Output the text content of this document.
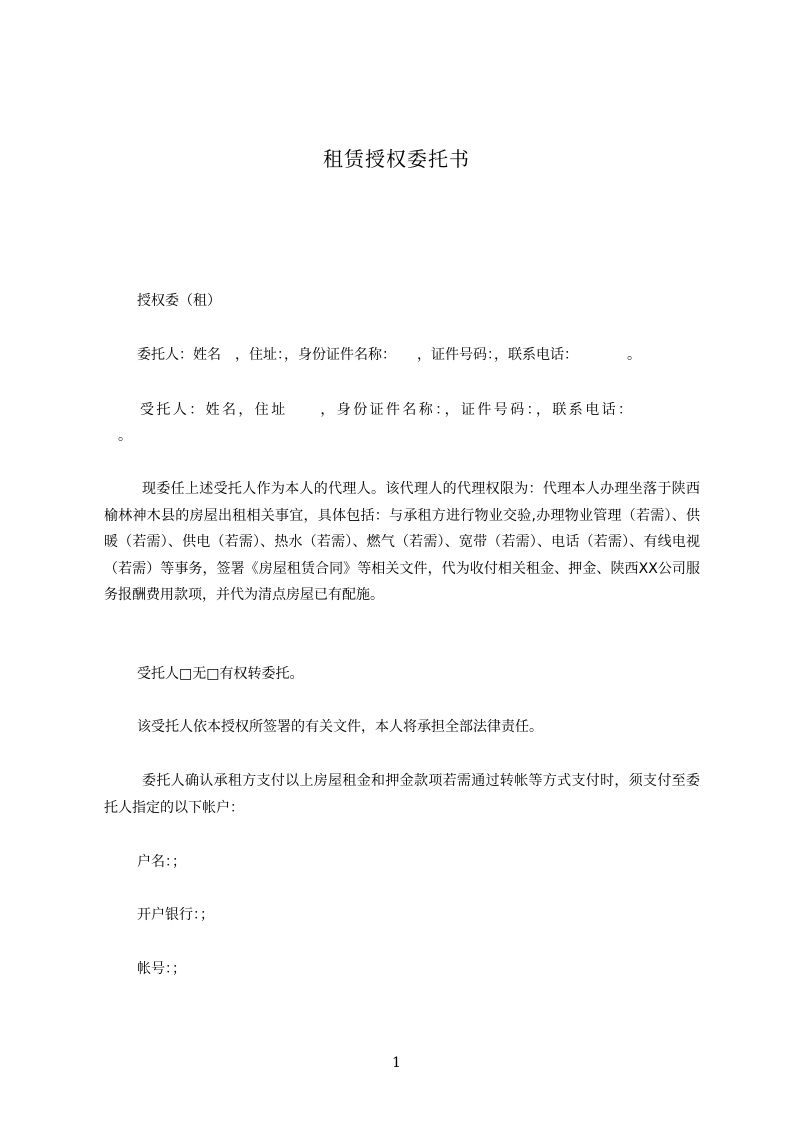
租赁授权委托书
授权委（租）
委托人：姓名　，住址：，身份证件名称：　　，证件号码：，联系电话：　　　　。
受托人：姓名，住址　　，身份证件名称：，证件号码：，联系电话：
。
现委任上述受托人作为本人的代理人。该代理人的代理权限为：代理本人办理坐落于陕西榆林神木县的房屋出租相关事宜，具体包括：与承租方进行物业交验,办理物业管理（若需）、供暖（若需）、供电（若需）、热水（若需）、燃气（若需）、宽带（若需）、电话（若需）、有线电视（若需）等事务，签署《房屋租赁合同》等相关文件，代为收付相关租金、押金、陕西XX公司服务报酬费用款项，并代为清点房屋已有配施。
受托人□无□有权转委托。
该受托人依本授权所签署的有关文件，本人将承担全部法律责任。
委托人确认承租方支付以上房屋租金和押金款项若需通过转帐等方式支付时，须支付至委托人指定的以下帐户：
户名：；
开户银行：；
帐号：；
1
